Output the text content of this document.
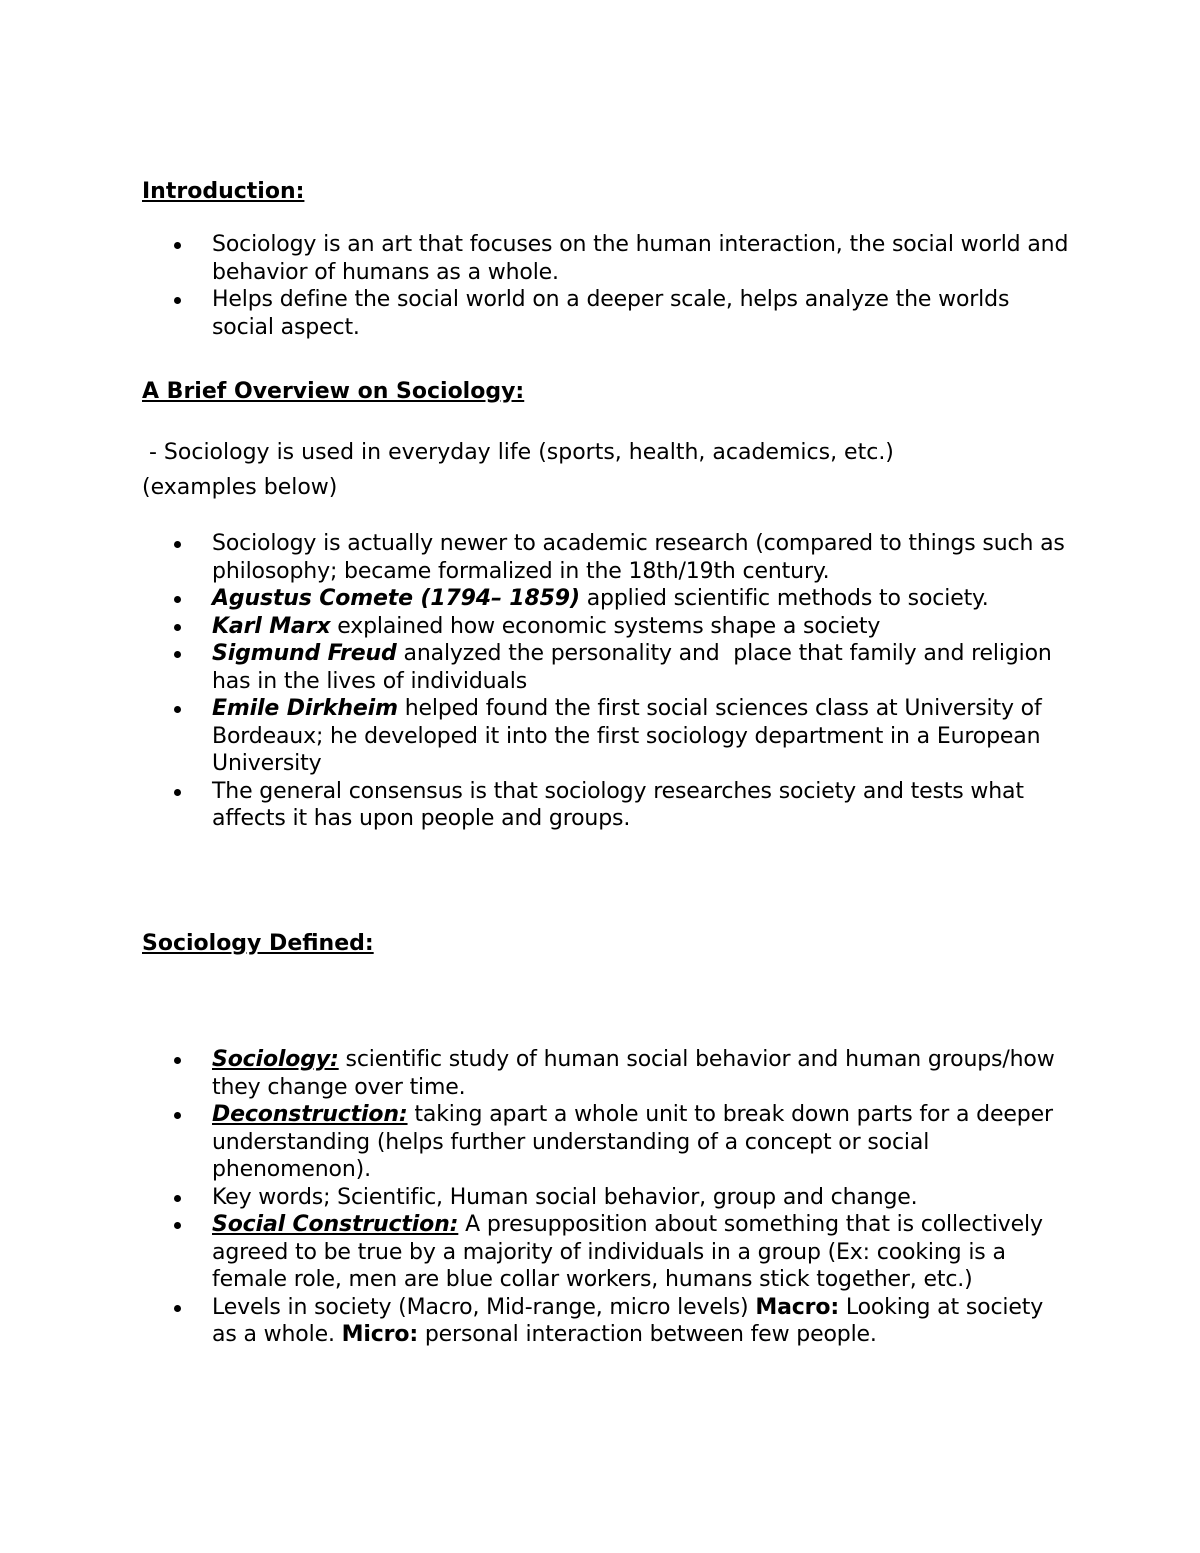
Introduction:
Sociology is an art that focuses on the human interaction, the social world and behavior of humans as a whole.
Helps define the social world on a deeper scale, helps analyze the worlds social aspect.
A Brief Overview on Sociology:
- Sociology is used in everyday life (sports, health, academics, etc.)
(examples below)
Sociology is actually newer to academic research (compared to things such as philosophy; became formalized in the 18th/19th century.
Agustus Comete (1794– 1859) applied scientific methods to society.
Karl Marx explained how economic systems shape a society
Sigmund Freud analyzed the personality and  place that family and religion has in the lives of individuals
Emile Dirkheim helped found the first social sciences class at University of Bordeaux; he developed it into the first sociology department in a European University
The general consensus is that sociology researches society and tests what affects it has upon people and groups.
Sociology Defined:
Sociology: scientific study of human social behavior and human groups/how they change over time.
Deconstruction: taking apart a whole unit to break down parts for a deeper understanding (helps further understanding of a concept or social phenomenon).
Key words; Scientific, Human social behavior, group and change.
Social Construction: A presupposition about something that is collectively agreed to be true by a majority of individuals in a group (Ex: cooking is a female role, men are blue collar workers, humans stick together, etc.)
Levels in society (Macro, Mid-range, micro levels) Macro: Looking at society as a whole. Micro: personal interaction between few people.
